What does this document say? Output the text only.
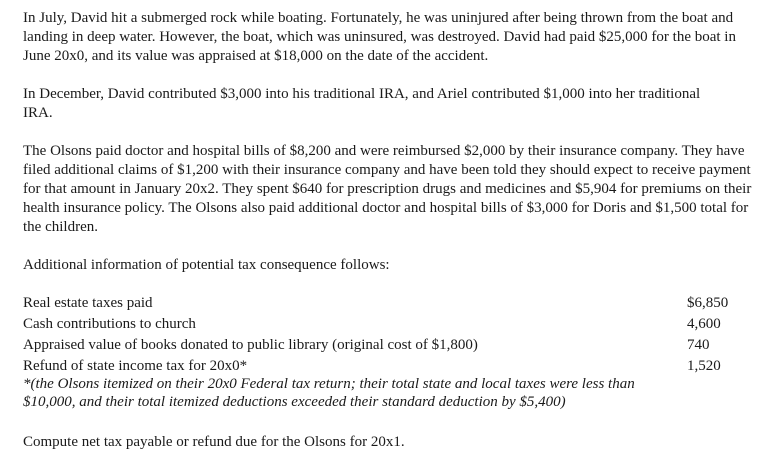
In July, David hit a submerged rock while boating. Fortunately, he was uninjured after being thrown from the boat and landing in deep water. However, the boat, which was uninsured, was destroyed. David had paid $25,000 for the boat in June 20x0, and its value was appraised at $18,000 on the date of the accident.

In December, David contributed $3,000 into his traditional IRA, and Ariel contributed $1,000 into her traditional IRA.

The Olsons paid doctor and hospital bills of $8,200 and were reimbursed $2,000 by their insurance company. They have filed additional claims of $1,200 with their insurance company and have been told they should expect to receive payment for that amount in January 20x2. They spent $640 for prescription drugs and medicines and $5,904 for premiums on their health insurance policy. The Olsons also paid additional doctor and hospital bills of $3,000 for Doris and $1,500 total for the children.

Additional information of potential tax consequence follows:

Real estate taxes paid	$6,850
Cash contributions to church	4,600
Appraised value of books donated to public library (original cost of $1,800)	740
Refund of state income tax for 20x0*	1,520

*(the Olsons itemized on their 20x0 Federal tax return; their total state and local taxes were less than $10,000, and their total itemized deductions exceeded their standard deduction by $5,400)

Compute net tax payable or refund due for the Olsons for 20x1.
